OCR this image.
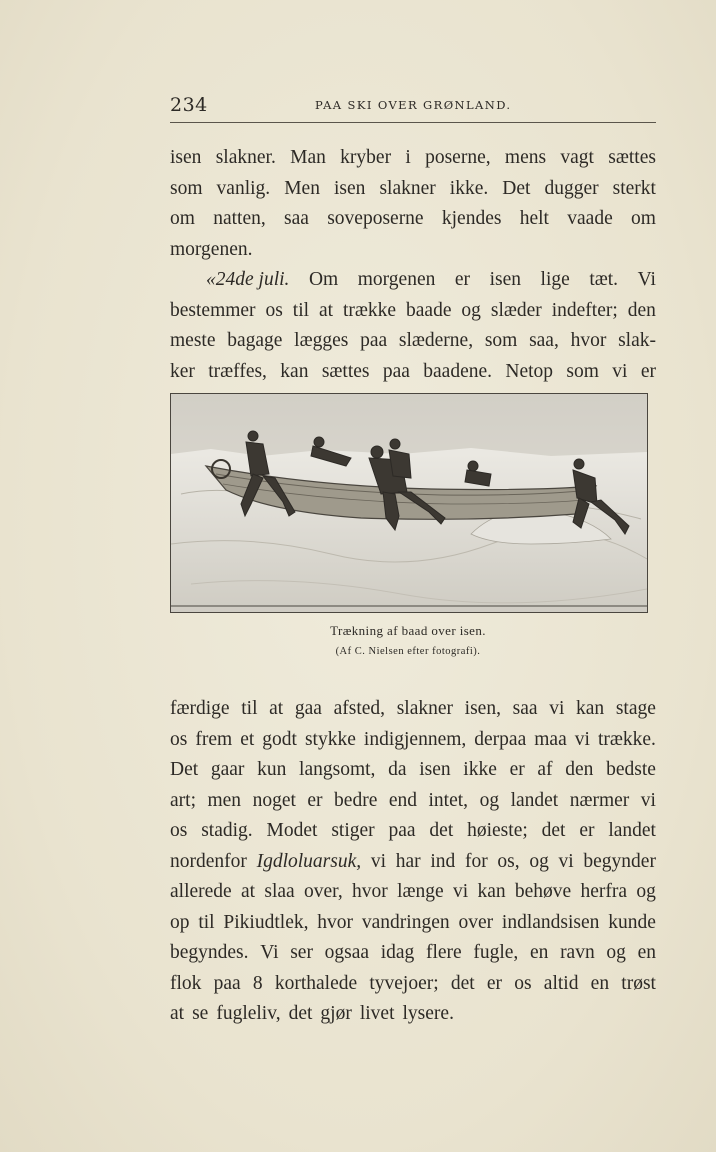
234	PAA SKI OVER GRØNLAND.
isen slakner. Man kryber i poserne, mens vagt sættes
som vanlig. Men isen slakner ikke. Det dugger sterkt
om natten, saa soveposerne kjendes helt vaade om
morgenen.
«24de juli. Om morgenen er isen lige tæt. Vi
bestemmer os til at trække baade og slæder indefter; den
meste bagage lægges paa slæderne, som saa, hvor slak-
ker træffes, kan sættes paa baadene. Netop som vi er
Trækning af baad over isen.
(Af C. Nielsen efter fotografi).
færdige til at gaa afsted, slakner isen, saa vi kan stage
os frem et godt stykke indigjennem, derpaa maa vi trække.
Det gaar kun langsomt, da isen ikke er af den bedste
art; men noget er bedre end intet, og landet nærmer vi
os stadig. Modet stiger paa det høieste; det er landet
nordenfor Igdloluarsuk, vi har ind for os, og vi begynder
allerede at slaa over, hvor længe vi kan behøve herfra og
op til Pikiudtlek, hvor vandringen over indlandsisen kunde
begyndes. Vi ser ogsaa idag flere fugle, en ravn og en
flok paa 8 korthalede tyvejoer; det er os altid en trøst
at se fugleliv, det gjør livet lysere.
